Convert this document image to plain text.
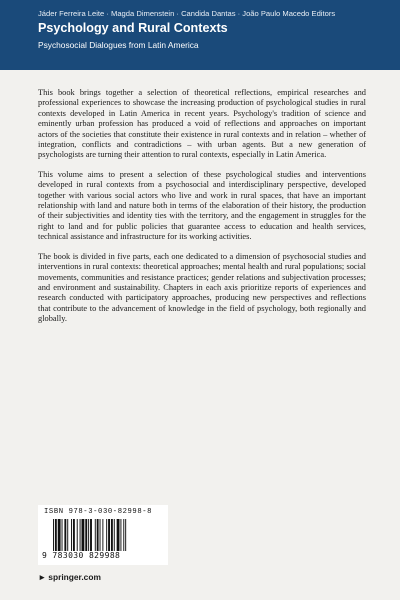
Jáder Ferreira Leite · Magda Dimenstein · Candida Dantas · João Paulo Macedo Editors
Psychology and Rural Contexts
Psychosocial Dialogues from Latin America

This book brings together a selection of theoretical reflections, empirical researches and professional experiences to showcase the increasing production of psychological studies in rural contexts developed in Latin America in recent years. Psychology's tradition of science and eminently urban profession has produced a void of reflections and approaches on important actors of the societies that constitute their existence in rural contexts and in relation – whether of integration, conflicts and contradictions – with urban agents. But a new generation of psychologists are turning their attention to rural contexts, especially in Latin America.

This volume aims to present a selection of these psychological studies and interventions developed in rural contexts from a psychosocial and interdisciplinary perspective, developed together with various social actors who live and work in rural spaces, that have an important relationship with land and nature both in terms of the elaboration of their history, the production of their subjectivities and identity ties with the territory, and the engagement in struggles for the right to land and for public policies that guarantee access to education and health services, technical assistance and infrastructure for its working activities.

The book is divided in five parts, each one dedicated to a dimension of psychosocial studies and interventions in rural contexts: theoretical approaches; mental health and rural populations; social movements, communities and resistance practices; gender relations and subjectivation processes; and environment and sustainability. Chapters in each axis prioritize reports of experiences and research conducted with participatory approaches, producing new perspectives and reflections that contribute to the advancement of knowledge in the field of psychology, both regionally and globally.

ISBN 978-3-030-82998-8
9 783030 829988
► springer.com
